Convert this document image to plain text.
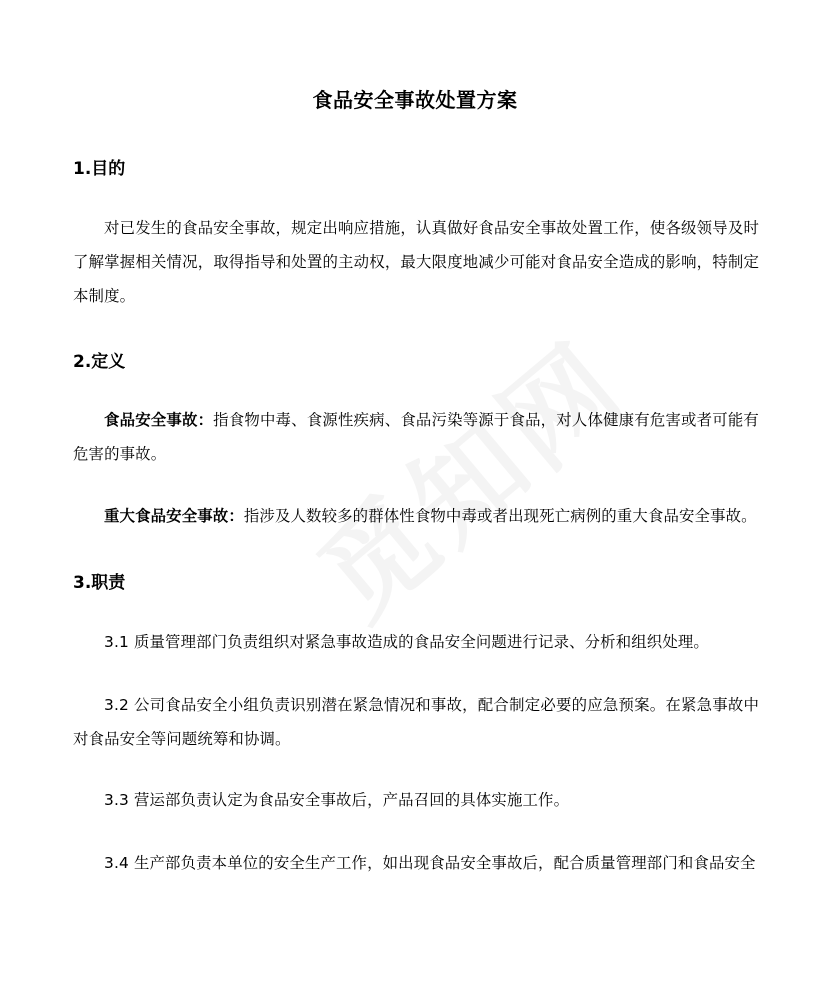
食品安全事故处置方案
1.目的
对已发生的食品安全事故，规定出响应措施，认真做好食品安全事故处置工作，使各级领导及时了解掌握相关情况，取得指导和处置的主动权，最大限度地减少可能对食品安全造成的影响，特制定本制度。
2.定义
食品安全事故：指食物中毒、食源性疾病、食品污染等源于食品，对人体健康有危害或者可能有危害的事故。
重大食品安全事故：指涉及人数较多的群体性食物中毒或者出现死亡病例的重大食品安全事故。
3.职责
3.1 质量管理部门负责组织对紧急事故造成的食品安全问题进行记录、分析和组织处理。
3.2 公司食品安全小组负责识别潜在紧急情况和事故，配合制定必要的应急预案。在紧急事故中对食品安全等问题统筹和协调。
3.3 营运部负责认定为食品安全事故后，产品召回的具体实施工作。
3.4 生产部负责本单位的安全生产工作，如出现食品安全事故后，配合质量管理部门和食品安全
